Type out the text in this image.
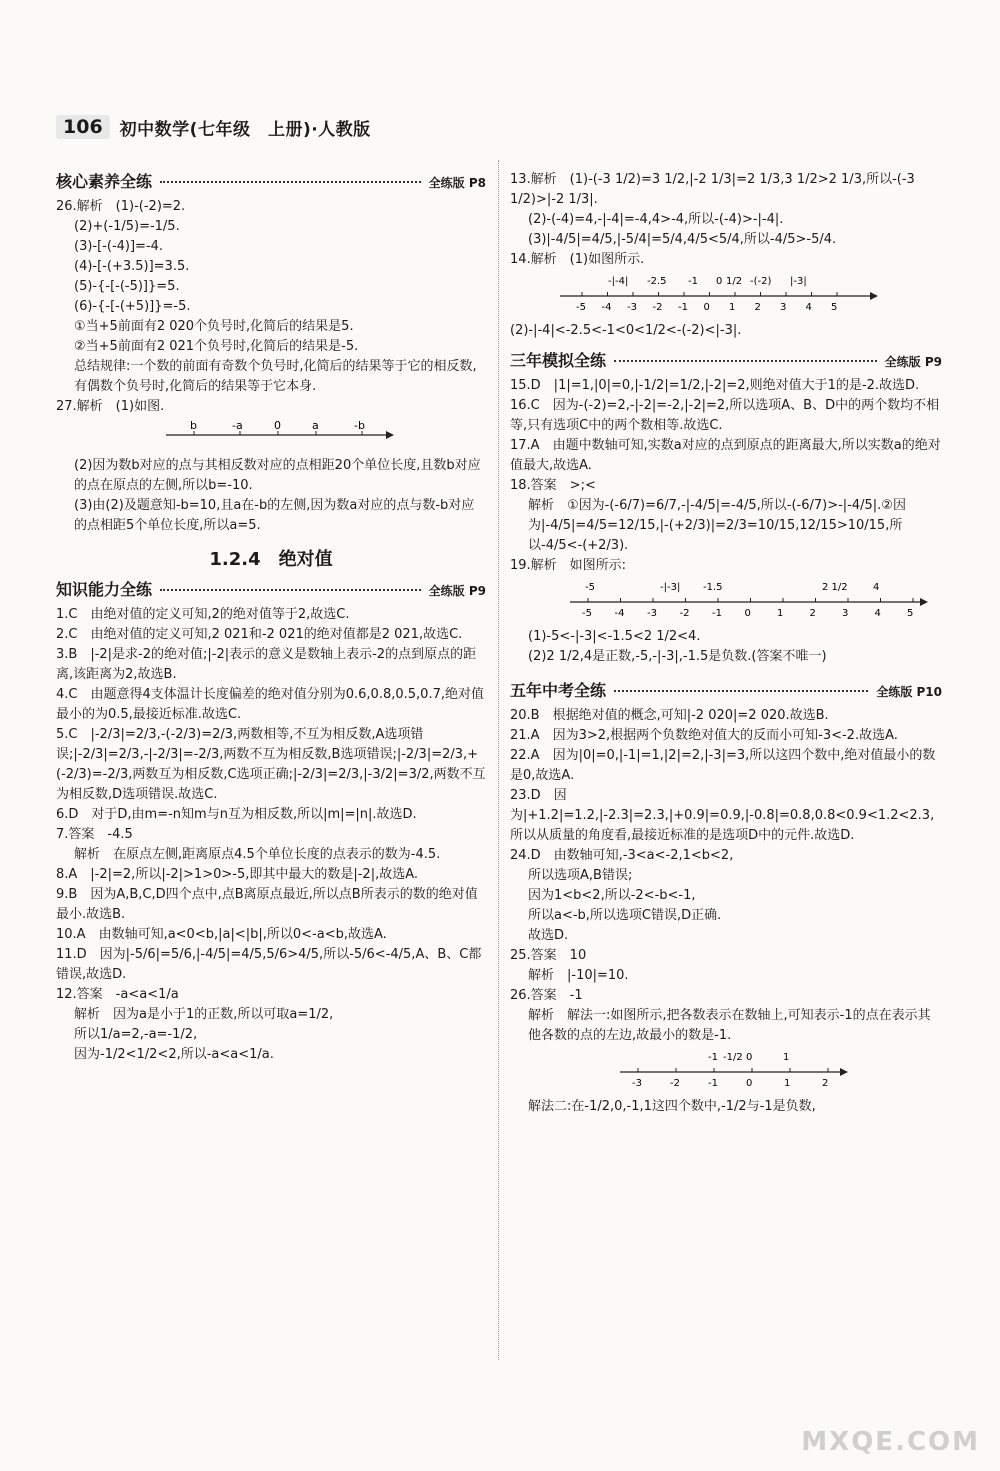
106	初中数学(七年级　上册)·人教版
核心素养全练	全练版 P8

26.解析　(1)-(-2)=2.

(2)+(-1/5)=-1/5.

(3)-[-(-4)]=-4.

(4)-[-(+3.5)]=3.5.

(5)-{-[-(-5)]}=5.

(6)-{-[-(+5)]}=-5.

①当+5前面有2 020个负号时,化简后的结果是5.

②当+5前面有2 021个负号时,化简后的结果是-5.

总结规律:一个数的前面有奇数个负号时,化简后的结果等于它的相反数,有偶数个负号时,化简后的结果等于它本身.

27.解析　(1)如图.

b	-a	0	a	-b

(2)因为数b对应的点与其相反数对应的点相距20个单位长度,且数b对应的点在原点的左侧,所以b=-10.

(3)由(2)及题意知-b=10,且a在-b的左侧,因为数a对应的点与数-b对应的点相距5个单位长度,所以a=5.

1.2.4　绝对值
知识能力全练	全练版 P9

1.C　由绝对值的定义可知,2的绝对值等于2,故选C.

2.C　由绝对值的定义可知,2 021和-2 021的绝对值都是2 021,故选C.

3.B　|-2|是求-2的绝对值;|-2|表示的意义是数轴上表示-2的点到原点的距离,该距离为2,故选B.

4.C　由题意得4支体温计长度偏差的绝对值分别为0.6,0.8,0.5,0.7,绝对值最小的为0.5,最接近标准.故选C.

5.C　|-2/3|=2/3,-(-2/3)=2/3,两数相等,不互为相反数,A选项错误;|-2/3|=2/3,-|-2/3|=-2/3,两数不互为相反数,B选项错误;|-2/3|=2/3,+(-2/3)=-2/3,两数互为相反数,C选项正确;|-2/3|=2/3,|-3/2|=3/2,两数不互为相反数,D选项错误.故选C.

6.D　对于D,由m=-n知m与n互为相反数,所以|m|=|n|.故选D.

7.答案　-4.5

解析　在原点左侧,距离原点4.5个单位长度的点表示的数为-4.5.

8.A　|-2|=2,所以|-2|>1>0>-5,即其中最大的数是|-2|,故选A.

9.B　因为A,B,C,D四个点中,点B离原点最近,所以点B所表示的数的绝对值最小.故选B.

10.A　由数轴可知,a<0<b,|a|<|b|,所以0<-a<b,故选A.

11.D　因为|-5/6|=5/6,|-4/5|=4/5,5/6>4/5,所以-5/6<-4/5,A、B、C都错误,故选D.

12.答案　-a<a<1/a

解析　因为a是小于1的正数,所以可取a=1/2,

所以1/a=2,-a=-1/2,

因为-1/2<1/2<2,所以-a<a<1/a.

13.解析　(1)-(-3 1/2)=3 1/2,|-2 1/3|=2 1/3,3 1/2>2 1/3,所以-(-3 1/2)>|-2 1/3|.

(2)-(-4)=4,-|-4|=-4,4>-4,所以-(-4)>-|-4|.

(3)|-4/5|=4/5,|-5/4|=5/4,4/5<5/4,所以-4/5>-5/4.

14.解析　(1)如图所示.

-5 -4 -3 -2 -1 0 1 2 3 4 5
-|-4| -2.5 -1 0 1/2 -(-2) |-3|

(2)-|-4|<-2.5<-1<0<1/2<-(-2)<|-3|.

三年模拟全练	全练版 P9

15.D　|1|=1,|0|=0,|-1/2|=1/2,|-2|=2,则绝对值大于1的是-2.故选D.

16.C　因为-(-2)=2,-|-2|=-2,|-2|=2,所以选项A、B、D中的两个数均不相等,只有选项C中的两个数相等.故选C.

17.A　由题中数轴可知,实数a对应的点到原点的距离最大,所以实数a的绝对值最大,故选A.

18.答案　>;<

解析　①因为-(-6/7)=6/7,-|-4/5|=-4/5,所以-(-6/7)>-|-4/5|.②因为|-4/5|=4/5=12/15,|-(+2/3)|=2/3=10/15,12/15>10/15,所以-4/5<-(+2/3).

19.解析　如图所示:

-5 -4 -3 -2 -1 0	1	2	3	4	5
-5	-|-3| -1.5	2 1/2	4

(1)-5<-|-3|<-1.5<2 1/2<4.

(2)2 1/2,4是正数,-5,-|-3|,-1.5是负数.(答案不唯一)

五年中考全练	全练版 P10

20.B　根据绝对值的概念,可知|-2 020|=2 020.故选B.

21.A　因为3>2,根据两个负数绝对值大的反而小可知-3<-2.故选A.

22.A　因为|0|=0,|-1|=1,|2|=2,|-3|=3,所以这四个数中,绝对值最小的数是0,故选A.

23.D　因为|+1.2|=1.2,|-2.3|=2.3,|+0.9|=0.9,|-0.8|=0.8,0.8<0.9<1.2<2.3,所以从质量的角度看,最接近标准的是选项D中的元件.故选D.

24.D　由数轴可知,-3<a<-2,1<b<2,

所以选项A,B错误;

因为1<b<2,所以-2<-b<-1,

所以a<-b,所以选项C错误,D正确.

故选D.

25.答案　10

解析　|-10|=10.

26.答案　-1

解析　解法一:如图所示,把各数表示在数轴上,可知表示-1的点在表示其他各数的点的左边,故最小的数是-1.

-3	-2	-1	0	1	2
-1 -1/2 0	1

解法二:在-1/2,0,-1,1这四个数中,-1/2与-1是负数,

MXQE.COM
